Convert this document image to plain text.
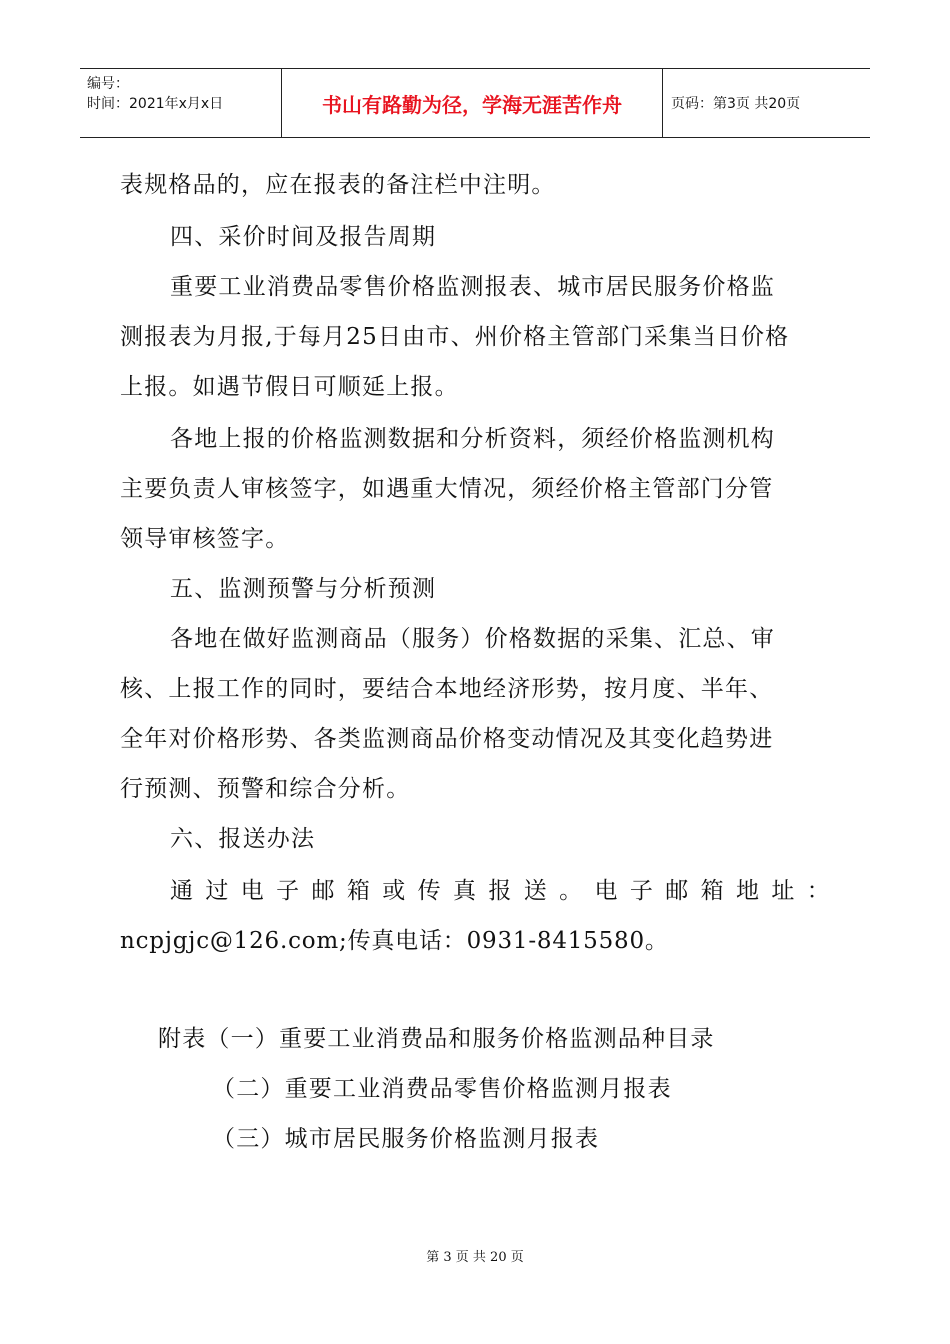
编号：
时间：2021年x月x日	书山有路勤为径，学海无涯苦作舟	页码：第3页 共20页
表规格品的，应在报表的备注栏中注明。
四、采价时间及报告周期
重要工业消费品零售价格监测报表、城市居民服务价格监
测报表为月报,于每月25日由市、州价格主管部门采集当日价格
上报。如遇节假日可顺延上报。
各地上报的价格监测数据和分析资料，须经价格监测机构
主要负责人审核签字，如遇重大情况，须经价格主管部门分管
领导审核签字。
五、监测预警与分析预测
各地在做好监测商品（服务）价格数据的采集、汇总、审
核、上报工作的同时，要结合本地经济形势，按月度、半年、
全年对价格形势、各类监测商品价格变动情况及其变化趋势进
行预测、预警和综合分析。
六、报送办法
通 过 电 子 邮 箱 或 传 真 报 送 。 电 子 邮 箱 地 址 ：
ncpjgjc@126.com;传真电话：0931-8415580。
附表（一）重要工业消费品和服务价格监测品种目录
（二）重要工业消费品零售价格监测月报表
（三）城市居民服务价格监测月报表
第 3 页 共 20 页
